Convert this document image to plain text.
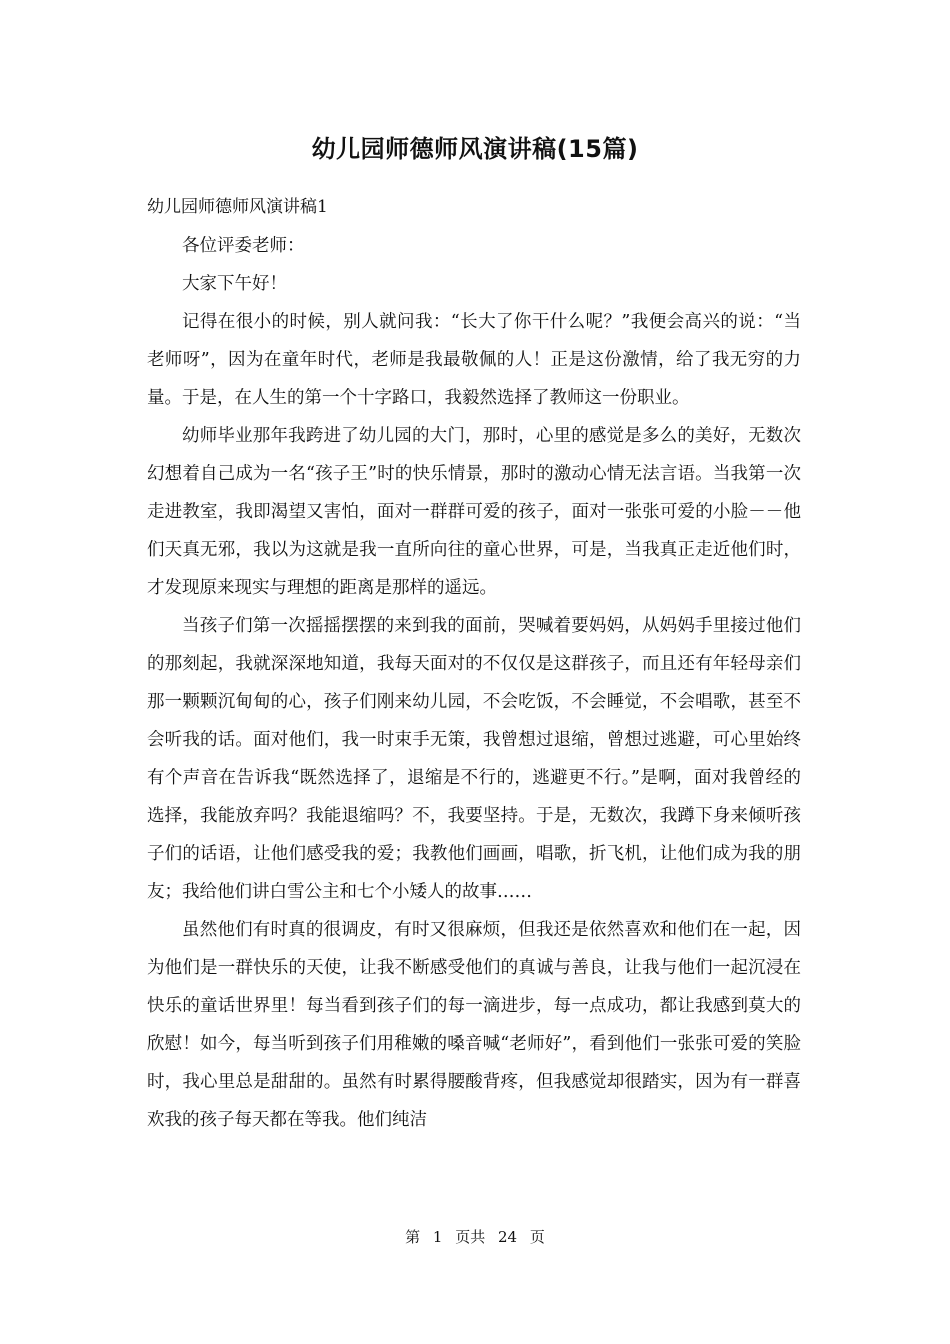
幼儿园师德师风演讲稿(15篇)
幼儿园师德师风演讲稿1

各位评委老师：

大家下午好！

记得在很小的时候，别人就问我：“长大了你干什么呢？”我便会高兴的说：“当老师呀”，因为在童年时代，老师是我最敬佩的人！正是这份激情，给了我无穷的力量。于是，在人生的第一个十字路口，我毅然选择了教师这一份职业。

幼师毕业那年我跨进了幼儿园的大门，那时，心里的感觉是多么的美好，无数次幻想着自己成为一名“孩子王”时的快乐情景，那时的激动心情无法言语。当我第一次走进教室，我即渴望又害怕，面对一群群可爱的孩子，面对一张张可爱的小脸－－他们天真无邪，我以为这就是我一直所向往的童心世界，可是，当我真正走近他们时，才发现原来现实与理想的距离是那样的遥远。

当孩子们第一次摇摇摆摆的来到我的面前，哭喊着要妈妈，从妈妈手里接过他们的那刻起，我就深深地知道，我每天面对的不仅仅是这群孩子，而且还有年轻母亲们那一颗颗沉甸甸的心，孩子们刚来幼儿园，不会吃饭，不会睡觉，不会唱歌，甚至不会听我的话。面对他们，我一时束手无策，我曾想过退缩，曾想过逃避，可心里始终有个声音在告诉我“既然选择了，退缩是不行的，逃避更不行。”是啊，面对我曾经的选择，我能放弃吗？我能退缩吗？不，我要坚持。于是，无数次，我蹲下身来倾听孩子们的话语，让他们感受我的爱；我教他们画画，唱歌，折飞机，让他们成为我的朋友；我给他们讲白雪公主和七个小矮人的故事……

虽然他们有时真的很调皮，有时又很麻烦，但我还是依然喜欢和他们在一起，因为他们是一群快乐的天使，让我不断感受他们的真诚与善良，让我与他们一起沉浸在快乐的童话世界里！每当看到孩子们的每一滴进步，每一点成功，都让我感到莫大的欣慰！如今，每当听到孩子们用稚嫩的嗓音喊“老师好”，看到他们一张张可爱的笑脸时，我心里总是甜甜的。虽然有时累得腰酸背疼，但我感觉却很踏实，因为有一群喜欢我的孩子每天都在等我。他们纯洁

第 1 页共 24 页
